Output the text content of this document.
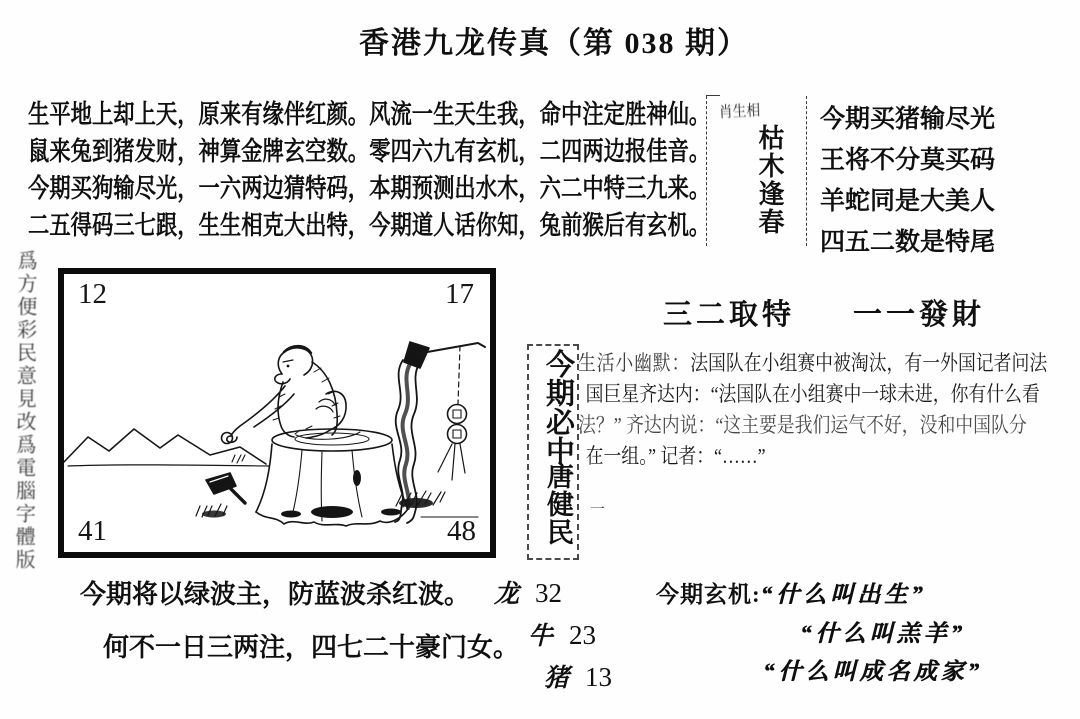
香港九龙传真（第 038 期）
生平地上却上天，原来有缘伴红颜。风流一生天生我，命中注定胜神仙。
鼠来兔到猪发财，神算金牌玄空数。零四六九有玄机，二四两边报佳音。
今期买狗输尽光，一六两边猜特码，本期预测出水木，六二中特三九来。
二五得码三七跟，生生相克大出特，今期道人话你知，兔前猴后有玄机。
爲方便彩民意見改爲電腦字體版
肖生相
枯木逢春
今期买猪输尽光
王将不分莫买码
羊蛇同是大美人
四五二数是特尾
12	17
41	48
三二取特 一一發財
今期必中
唐健民	一
生活小幽默：法国队在小组赛中被淘汰，有一外国记者问法
国巨星齐达内：“法国队在小组赛中一球未进，你有什么看
法？” 齐达内说：“这主要是我们运气不好，没和中国队分
在一组。” 记者：“……”
今期将以绿波主，防蓝波杀红波。
何不一日三两注，四七二十豪门女。
龙 32
牛 23
猪 13
今期玄机:“什么叫出生”
“什么叫羔羊”
“什么叫成名成家”
